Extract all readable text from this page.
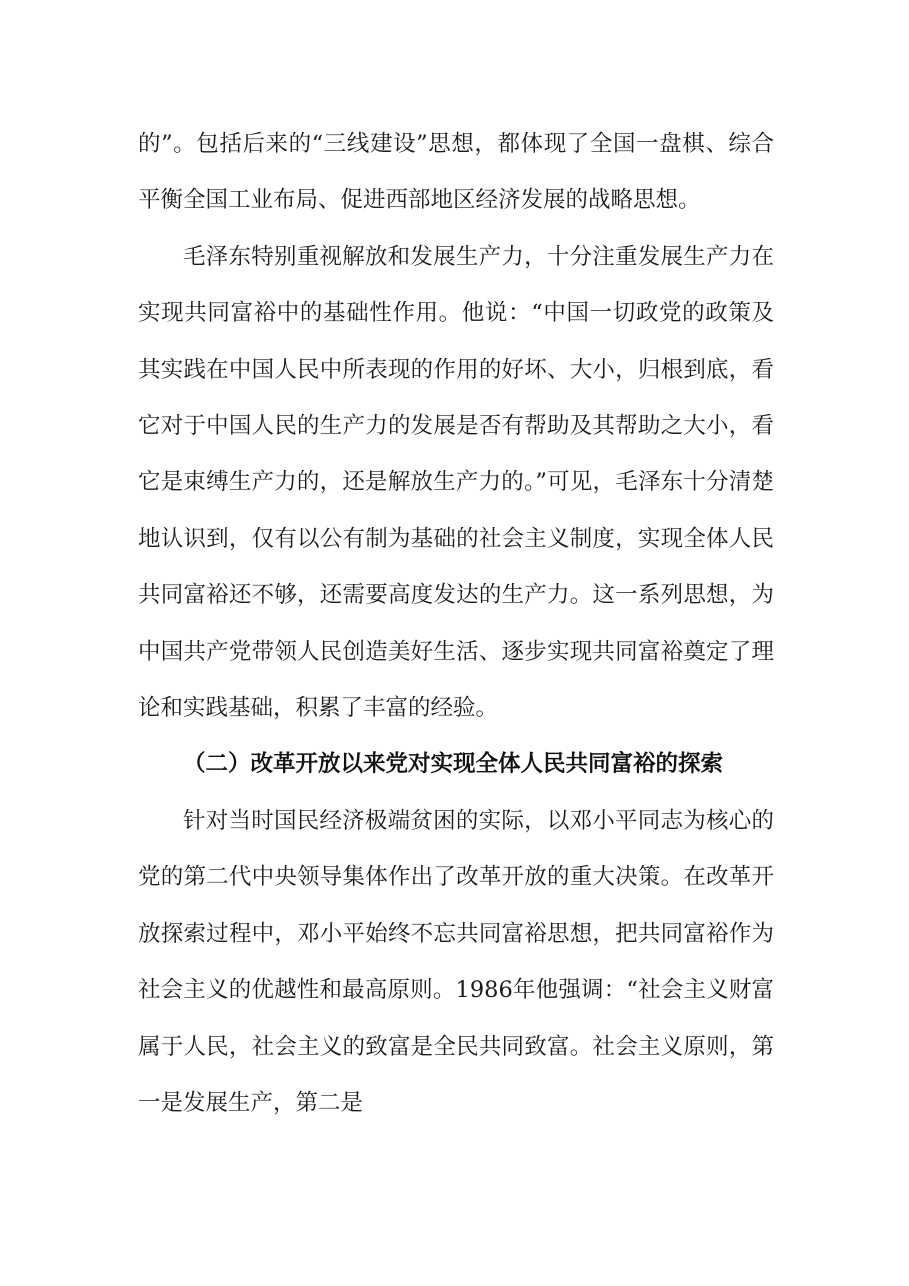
的”。包括后来的“三线建设”思想，都体现了全国一盘棋、综合平衡全国工业布局、促进西部地区经济发展的战略思想。

毛泽东特别重视解放和发展生产力，十分注重发展生产力在实现共同富裕中的基础性作用。他说：“中国一切政党的政策及其实践在中国人民中所表现的作用的好坏、大小，归根到底，看它对于中国人民的生产力的发展是否有帮助及其帮助之大小，看它是束缚生产力的，还是解放生产力的。”可见，毛泽东十分清楚地认识到，仅有以公有制为基础的社会主义制度，实现全体人民共同富裕还不够，还需要高度发达的生产力。这一系列思想，为中国共产党带领人民创造美好生活、逐步实现共同富裕奠定了理论和实践基础，积累了丰富的经验。

（二）改革开放以来党对实现全体人民共同富裕的探索

针对当时国民经济极端贫困的实际，以邓小平同志为核心的党的第二代中央领导集体作出了改革开放的重大决策。在改革开放探索过程中，邓小平始终不忘共同富裕思想，把共同富裕作为社会主义的优越性和最高原则。1986年他强调：“社会主义财富属于人民，社会主义的致富是全民共同致富。社会主义原则，第一是发展生产，第二是
